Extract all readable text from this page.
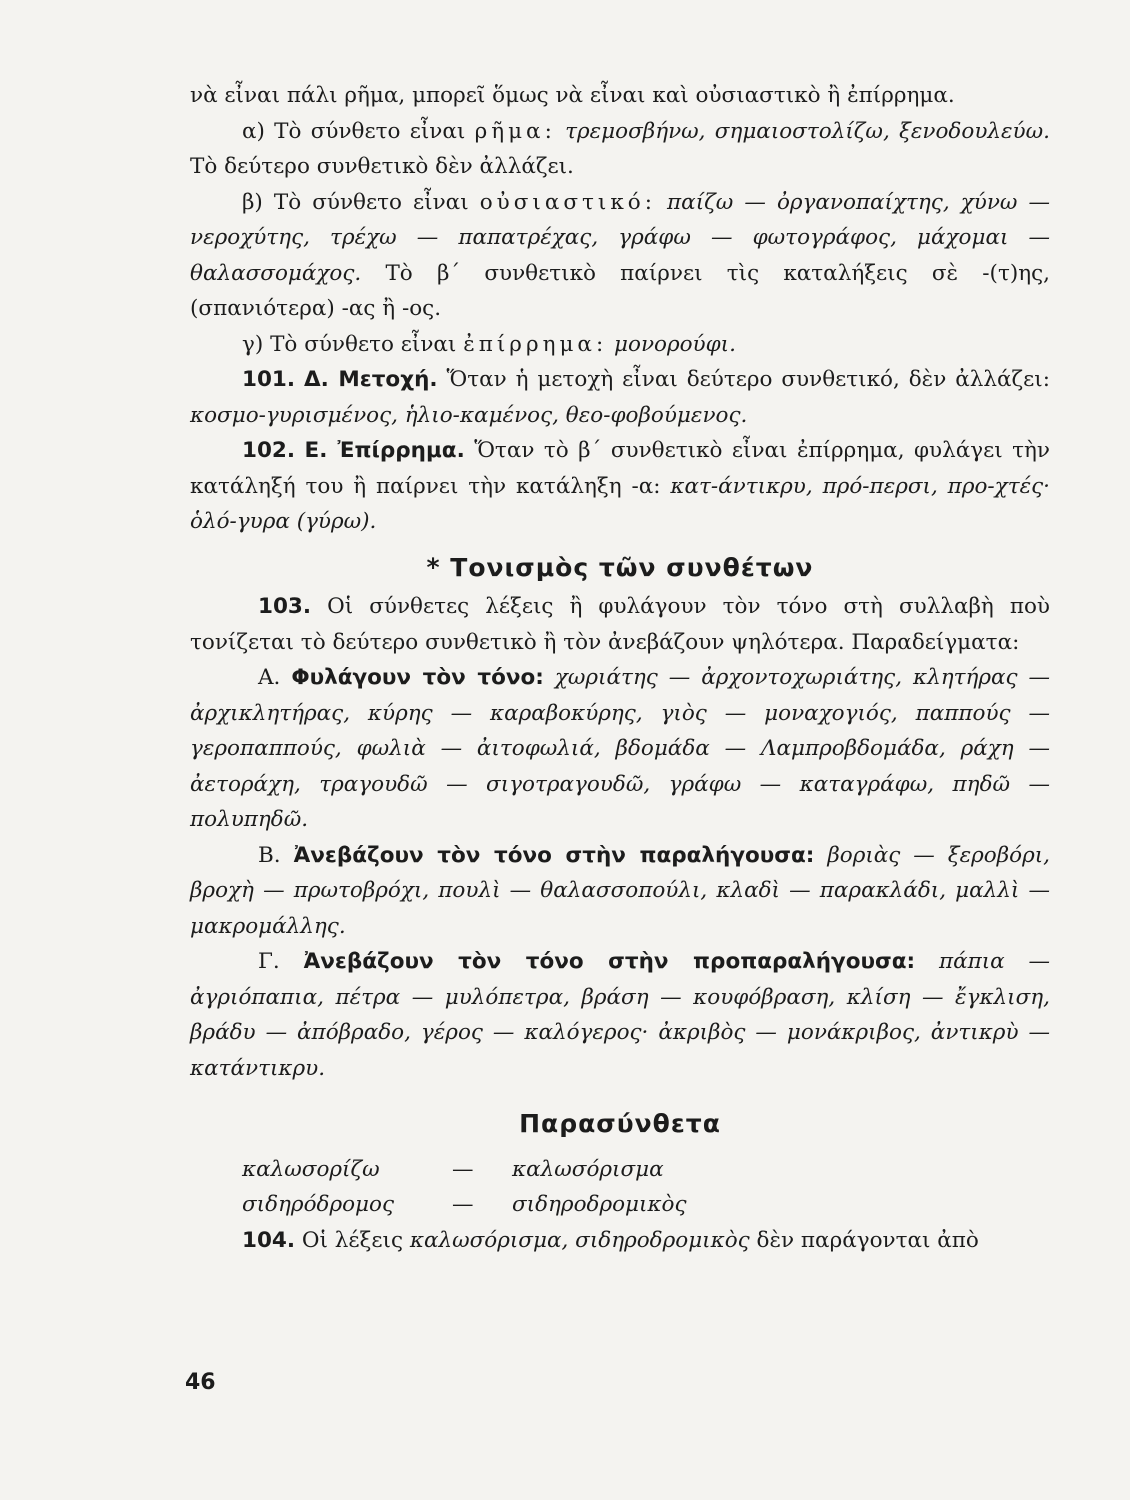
νὰ εἶναι πάλι ρῆμα, μπορεῖ ὅμως νὰ εἶναι καὶ οὐσιαστικὸ ἢ ἐπίρρημα.

α) Τὸ σύνθετο εἶναι ρῆμα: τρεμοσβήνω, σημαιοστολίζω, ξενοδουλεύω. Τὸ δεύτερο συνθετικὸ δὲν ἀλλάζει.

β) Τὸ σύνθετο εἶναι οὐσιαστικό: παίζω — ὀργανοπαίχτης, χύνω — νεροχύτης, τρέχω — παπατρέχας, γράφω — φωτογράφος, μάχομαι — θαλασσομάχος. Τὸ β΄ συνθετικὸ παίρνει τὶς καταλήξεις σὲ -(τ)ης, (σπανιότερα) -ας ἢ -ος.

γ) Τὸ σύνθετο εἶναι ἐπίρρημα: μονορούφι.

101. Δ. Μετοχή. Ὅταν ἡ μετοχὴ εἶναι δεύτερο συνθετικό, δὲν ἀλλάζει: κοσμο-γυρισμένος, ἡλιο-καμένος, θεο-φοβούμενος.

102. Ε. Ἐπίρρημα. Ὅταν τὸ β΄ συνθετικὸ εἶναι ἐπίρρημα, φυλάγει τὴν κατάληξή του ἢ παίρνει τὴν κατάληξη -α: κατ-άντικρυ, πρό-περσι, προ-χτές· ὁλό-γυρα (γύρω).

* Τονισμὸς τῶν συνθέτων

103. Οἱ σύνθετες λέξεις ἢ φυλάγουν τὸν τόνο στὴ συλλαβὴ ποὺ τονίζεται τὸ δεύτερο συνθετικὸ ἢ τὸν ἀνεβάζουν ψηλότερα. Παραδείγματα:

Α. Φυλάγουν τὸν τόνο: χωριάτης — ἀρχοντοχωριάτης, κλητήρας — ἀρχικλητήρας, κύρης — καραβοκύρης, γιὸς — μοναχογιός, παππούς — γεροπαππούς, φωλιὰ — ἀιτοφωλιά, βδομάδα — Λαμπροβδομάδα, ράχη — ἀετοράχη, τραγουδῶ — σιγοτραγουδῶ, γράφω — καταγράφω, πηδῶ — πολυπηδῶ.

Β. Ἀνεβάζουν τὸν τόνο στὴν παραλήγουσα: βοριὰς — ξεροβόρι, βροχὴ — πρωτοβρόχι, πουλὶ — θαλασσοπούλι, κλαδὶ — παρακλάδι, μαλλὶ — μακρομάλλης.

Γ. Ἀνεβάζουν τὸν τόνο στὴν προπαραλήγουσα: πάπια — ἀγριόπαπια, πέτρα — μυλόπετρα, βράση — κουφόβραση, κλίση — ἔγκλιση, βράδυ — ἀπόβραδο, γέρος — καλόγερος· ἀκριβὸς — μονάκριβος, ἀντικρὺ — κατάντικρυ.

Παρασύνθετα
καλωσορίζω	—	καλωσόρισμα
σιδηρόδρομος	—	σιδηροδρομικὸς

104. Οἱ λέξεις καλωσόρισμα, σιδηροδρομικὸς δὲν παράγονται ἀπὸ

46
